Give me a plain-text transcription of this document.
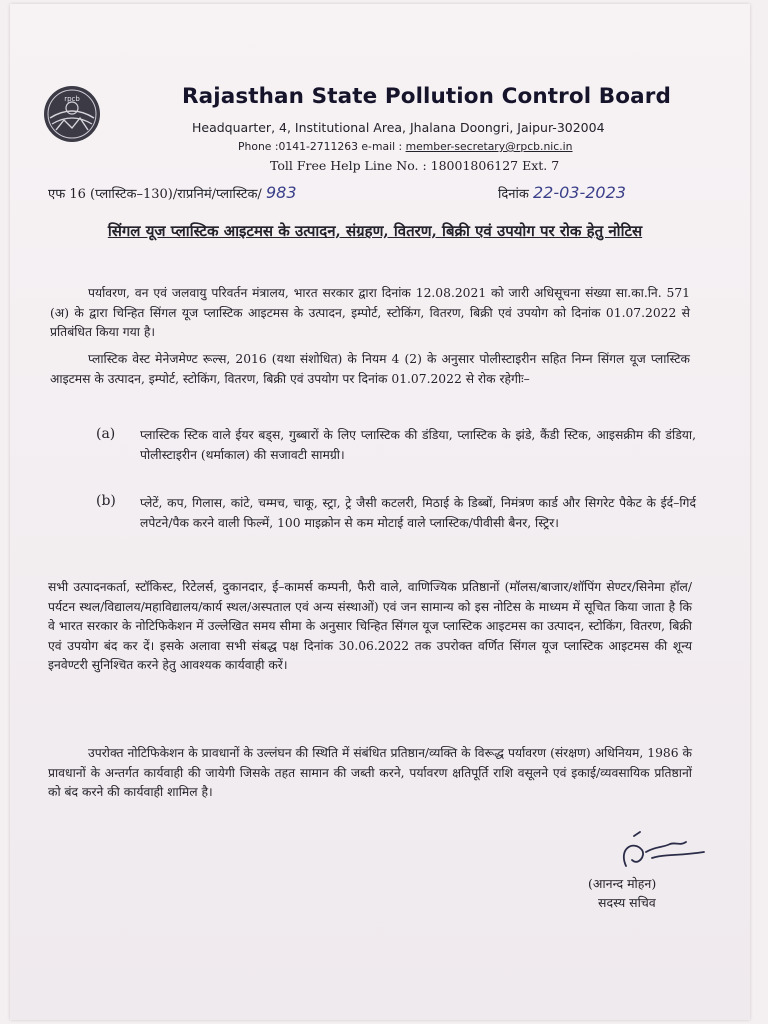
rpcb	Rajasthan State Pollution Control Board
Headquarter, 4, Institutional Area, Jhalana Doongri, Jaipur-302004
Phone :0141-2711263 e-mail : member-secretary@rpcb.nic.in
Toll Free Help Line No. : 18001806127 Ext. 7
एफ 16 (प्लास्टिक–130)/राप्रनिमं/प्लास्टिक/ 983	दिनांक 22-03-2023
सिंगल यूज प्लास्टिक आइटमस के उत्पादन, संग्रहण, वितरण, बिक्री एवं उपयोग पर रोक हेतु नोटिस
पर्यावरण, वन एवं जलवायु परिवर्तन मंत्रालय, भारत सरकार द्वारा दिनांक 12.08.2021 को जारी अधिसूचना संख्या सा.का.नि. 571 (अ) के द्वारा चिन्हित सिंगल यूज प्लास्टिक आइटमस के उत्पादन, इम्पोर्ट, स्टोकिंग, वितरण, बिक्री एवं उपयोग को दिनांक 01.07.2022 से प्रतिबंधित किया गया है।
प्लास्टिक वेस्ट मेनेजमेण्ट रूल्स, 2016 (यथा संशोधित) के नियम 4 (2) के अनुसार पोलीस्टाइरीन सहित निम्न सिंगल यूज प्लास्टिक आइटमस के उत्पादन, इम्पोर्ट, स्टोकिंग, वितरण, बिक्री एवं उपयोग पर दिनांक 01.07.2022 से रोक रहेगीः–
(a) प्लास्टिक स्टिक वाले ईयर बड्स, गुब्बारों के लिए प्लास्टिक की डंडिया, प्लास्टिक के झंडे, कैंडी स्टिक, आइसक्रीम की डंडिया, पोलीस्टाइरीन (थर्माकाल) की सजावटी सामग्री।
(b) प्लेटें, कप, गिलास, कांटे, चम्मच, चाकू, स्ट्रा, ट्रे जैसी कटलरी, मिठाई के डिब्बों, निमंत्रण कार्ड और सिगरेट पैकेट के ईर्द–गिर्द लपेटने/पैक करने वाली फिल्में, 100 माइक्रोन से कम मोटाई वाले प्लास्टिक/पीवीसी बैनर, स्ट्रिर।
सभी उत्पादनकर्ता, स्टॉकिस्ट, रिटेलर्स, दुकानदार, ई–कामर्स कम्पनी, फैरी वाले, वाणिज्यिक प्रतिष्ठानों (मॉलस/बाजार/शॉपिंग सेण्टर/सिनेमा हॉल/पर्यटन स्थल/विद्यालय/महाविद्यालय/कार्य स्थल/अस्पताल एवं अन्य संस्थाओं) एवं जन सामान्य को इस नोटिस के माध्यम में सूचित किया जाता है कि वे भारत सरकार के नोटिफिकेशन में उल्लेखित समय सीमा के अनुसार चिन्हित सिंगल यूज प्लास्टिक आइटमस का उत्पादन, स्टोकिंग, वितरण, बिक्री एवं उपयोग बंद कर दें। इसके अलावा सभी संबद्ध पक्ष दिनांक 30.06.2022 तक उपरोक्त वर्णित सिंगल यूज प्लास्टिक आइटमस की शून्य इनवेण्टरी सुनिश्चित करने हेतु आवश्यक कार्यवाही करें।
उपरोक्त नोटिफिकेशन के प्रावधानों के उल्लंघन की स्थिति में संबंधित प्रतिष्ठान/व्यक्ति के विरूद्ध पर्यावरण (संरक्षण) अधिनियम, 1986 के प्रावधानों के अन्तर्गत कार्यवाही की जायेगी जिसके तहत सामान की जब्ती करने, पर्यावरण क्षतिपूर्ति राशि वसूलने एवं इकाई/व्यवसायिक प्रतिष्ठानों को बंद करने की कार्यवाही शामिल है।
(आनन्द मोहन)
सदस्य सचिव
